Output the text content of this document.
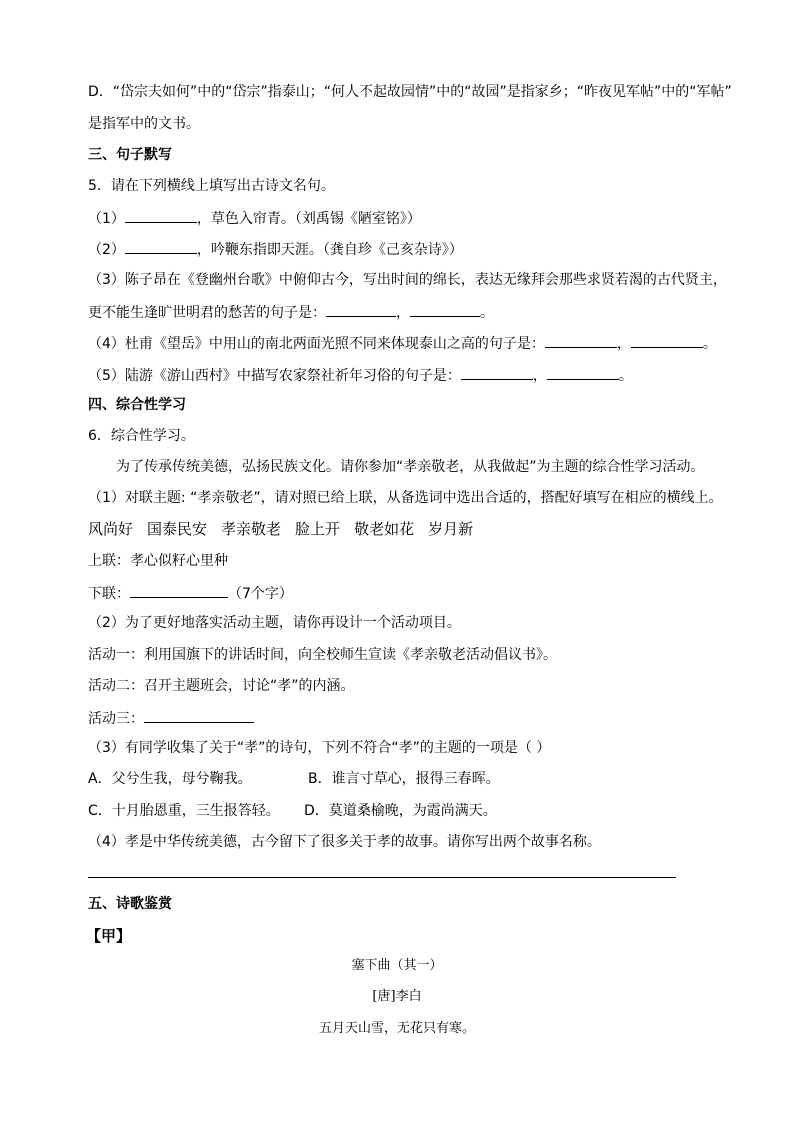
D．“岱宗夫如何”中的“岱宗”指泰山；“何人不起故园情”中的“故园”是指家乡；“昨夜见军帖”中的“军帖”
是指军中的文书。
三、句子默写
5．请在下列横线上填写出古诗文名句。
（1）	，草色入帘青。（刘禹锡《陋室铭》）
（2）	，吟鞭东指即天涯。（龚自珍《己亥杂诗》）
（3）陈子昂在《登幽州台歌》中俯仰古今，写出时间的绵长，表达无缘拜会那些求贤若渴的古代贤主，
更不能生逢旷世明君的愁苦的句子是：	，	。
（4）杜甫《望岳》中用山的南北两面光照不同来体现泰山之高的句子是：	，	。
（5）陆游《游山西村》中描写农家祭社祈年习俗的句子是：	，	。
四、综合性学习
6．综合性学习。
为了传承传统美德，弘扬民族文化。请你参加“孝亲敬老，从我做起”为主题的综合性学习活动。
（1）对联主题: “孝亲敬老”，请对照已给上联，从备选词中选出合适的，搭配好填写在相应的横线上。
风尚好 国泰民安 孝亲敬老 脸上开 敬老如花 岁月新
上联：孝心似籽心里种
下联：	（7个字）
（2）为了更好地落实活动主题，请你再设计一个活动项目。
活动一：利用国旗下的讲话时间，向全校师生宣读《孝亲敬老活动倡议书》。
活动二：召开主题班会，讨论“孝”的内涵。
活动三：
（3）有同学收集了关于“孝”的诗句，下列不符合“孝”的主题的一项是（ ）
A．父兮生我，母兮鞠我。	B．谁言寸草心，报得三春晖。
C．十月胎恩重，三生报答轻。 D．莫道桑榆晚，为霞尚满天。
（4）孝是中华传统美德，古今留下了很多关于孝的故事。请你写出两个故事名称。
五、诗歌鉴赏
【甲】
塞下曲（其一）
[唐]李白
五月天山雪，无花只有寒。
